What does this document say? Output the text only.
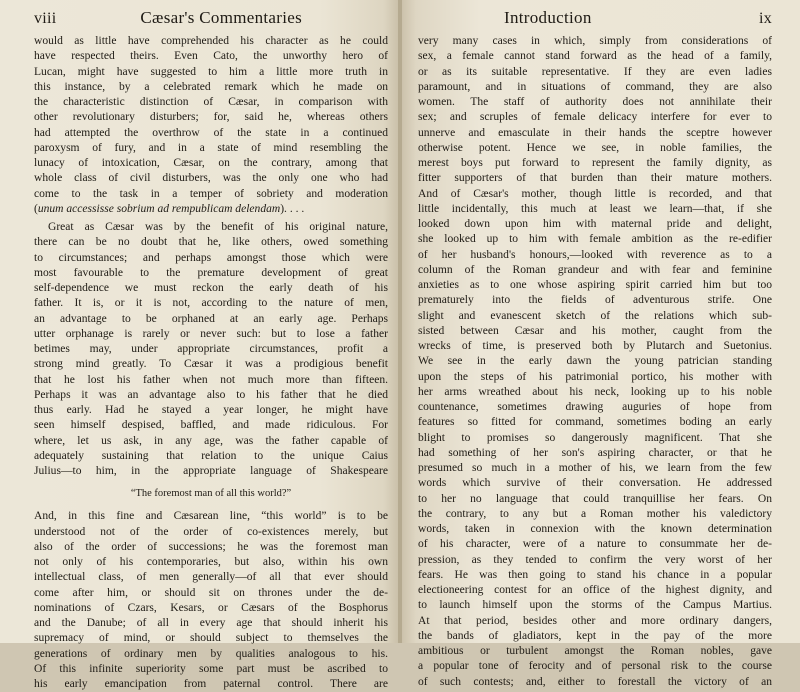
viii	Cæsar's Commentaries

would as little have comprehended his character as he could

have respected theirs. Even Cato, the unworthy hero of

Lucan, might have suggested to him a little more truth in

this instance, by a celebrated remark which he made on

the characteristic distinction of Cæsar, in comparison with

other revolutionary disturbers; for, said he, whereas others

had attempted the overthrow of the state in a continued

paroxysm of fury, and in a state of mind resembling the

lunacy of intoxication, Cæsar, on the contrary, among that

whole class of civil disturbers, was the only one who had

come to the task in a temper of sobriety and moderation

(unum accessisse sobrium ad rempublicam delendam). . . .

Great as Cæsar was by the benefit of his original nature,

there can be no doubt that he, like others, owed something

to circumstances; and perhaps amongst those which were

most favourable to the premature development of great

self-dependence we must reckon the early death of his

father. It is, or it is not, according to the nature of men,

an advantage to be orphaned at an early age. Perhaps

utter orphanage is rarely or never such: but to lose a father

betimes may, under appropriate circumstances, profit a

strong mind greatly. To Cæsar it was a prodigious benefit

that he lost his father when not much more than fifteen.

Perhaps it was an advantage also to his father that he died

thus early. Had he stayed a year longer, he might have

seen himself despised, baffled, and made ridiculous. For

where, let us ask, in any age, was the father capable of

adequately sustaining that relation to the unique Caius

Julius—to him, in the appropriate language of Shakespeare

“The foremost man of all this world?”

And, in this fine and Cæsarean line, “this world” is to be

understood not of the order of co-existences merely, but

also of the order of successions; he was the foremost man

not only of his contemporaries, but also, within his own

intellectual class, of men generally—of all that ever should

come after him, or should sit on thrones under the de-

nominations of Czars, Kesars, or Cæsars of the Bosphorus

and the Danube; of all in every age that should inherit his

supremacy of mind, or should subject to themselves the

generations of ordinary men by qualities analogous to his.

Of this infinite superiority some part must be ascribed to

his early emancipation from paternal control. There are

Introduction	ix

very many cases in which, simply from considerations of

sex, a female cannot stand forward as the head of a family,

or as its suitable representative. If they are even ladies

paramount, and in situations of command, they are also

women. The staff of authority does not annihilate their

sex; and scruples of female delicacy interfere for ever to

unnerve and emasculate in their hands the sceptre however

otherwise potent. Hence we see, in noble families, the

merest boys put forward to represent the family dignity, as

fitter supporters of that burden than their mature mothers.

And of Cæsar's mother, though little is recorded, and that

little incidentally, this much at least we learn—that, if she

looked down upon him with maternal pride and delight,

she looked up to him with female ambition as the re-edifier

of her husband's honours,—looked with reverence as to a

column of the Roman grandeur and with fear and feminine

anxieties as to one whose aspiring spirit carried him but too

prematurely into the fields of adventurous strife. One

slight and evanescent sketch of the relations which sub-

sisted between Cæsar and his mother, caught from the

wrecks of time, is preserved both by Plutarch and Suetonius.

We see in the early dawn the young patrician standing

upon the steps of his patrimonial portico, his mother with

her arms wreathed about his neck, looking up to his noble

countenance, sometimes drawing auguries of hope from

features so fitted for command, sometimes boding an early

blight to promises so dangerously magnificent. That she

had something of her son's aspiring character, or that he

presumed so much in a mother of his, we learn from the few

words which survive of their conversation. He addressed

to her no language that could tranquillise her fears. On

the contrary, to any but a Roman mother his valedictory

words, taken in connexion with the known determination

of his character, were of a nature to consummate her de-

pression, as they tended to confirm the very worst of her

fears. He was then going to stand his chance in a popular

electioneering contest for an office of the highest dignity, and

to launch himself upon the storms of the Campus Martius.

At that period, besides other and more ordinary dangers,

the bands of gladiators, kept in the pay of the more

ambitious or turbulent amongst the Roman nobles, gave

a popular tone of ferocity and of personal risk to the course

of such contests; and, either to forestall the victory of an
